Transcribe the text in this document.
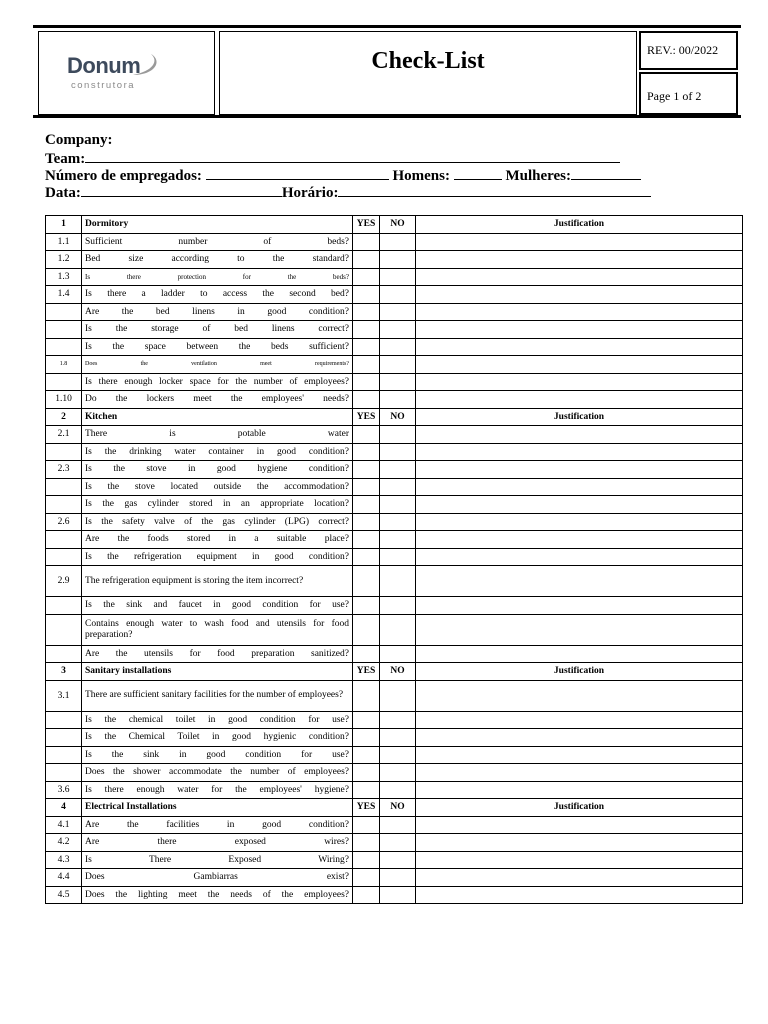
Donum
construtora
Check-List	REV.: 00/2022
Page 1 of 2
Company:
Team:
Número de empregados:	Homens:	Mulheres:
Data:	Horário:
1	Dormitory	YES	NO	Justification
1.1	Sufficient number of beds?			
1.2	Bed size according to the standard?			
1.3	Is there protection for the beds?			
1.4	Is there a ladder to access the second bed?			
	Are the bed linens in good condition?			
	Is the storage of bed linens correct?			
	Is the space between the beds sufficient?			
1.8	Does the ventilation meet requirements?			
	Is there enough locker space for the number of employees?			
1.10	Do the lockers meet the employees' needs?			
2	Kitchen	YES	NO	Justification
2.1	There is potable water			
	Is the drinking water container in good condition?			
2.3	Is the stove in good hygiene condition?			
	Is the stove located outside the accommodation?			
	Is the gas cylinder stored in an appropriate location?			
2.6	Is the safety valve of the gas cylinder (LPG) correct?			
	Are the foods stored in a suitable place?			
	Is the refrigeration equipment in good condition?			
2.9	The refrigeration equipment is storing the item incorrect?			
	Is the sink and faucet in good condition for use?			
	Contains enough water to wash food and utensils for food preparation?			
	Are the utensils for food preparation sanitized?			
3	Sanitary installations	YES	NO	Justification
3.1	There are sufficient sanitary facilities for the number of employees?			
	Is the chemical toilet in good condition for use?			
	Is the Chemical Toilet in good hygienic condition?			
	Is the sink in good condition for use?			
	Does the shower accommodate the number of employees?			
3.6	Is there enough water for the employees' hygiene?			
4	Electrical Installations	YES	NO	Justification
4.1	Are the facilities in good condition?			
4.2	Are there exposed wires?			
4.3	Is There Exposed Wiring?			
4.4	Does Gambiarras exist?			
4.5	Does the lighting meet the needs of the employees?			
